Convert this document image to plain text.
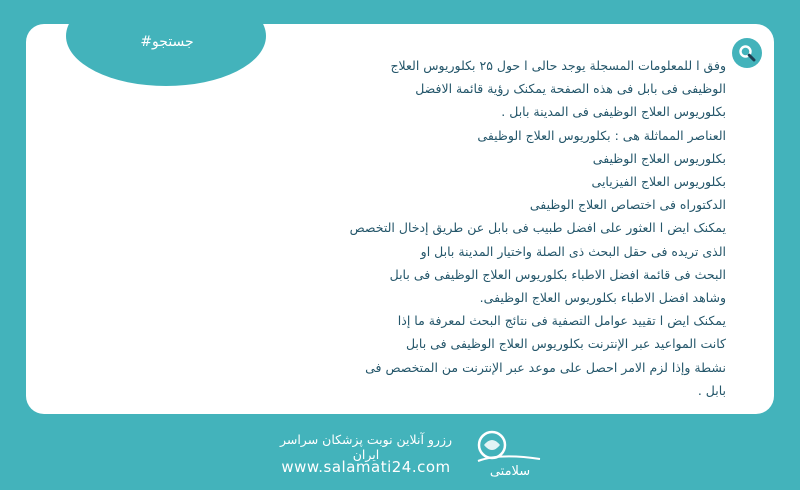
#جستجو
وفق ا للمعلومات المسجلة يوجد حالی ا حول ۲۵ بکلوریوس العلاج
الوظیفی فی بابل فی هذه الصفحة یمکنک رؤیة قائمة الافضل
بکلوریوس العلاج الوظیفی فی المدینة بابل .
العناصر المماثلة هی : بکلوریوس العلاج الوظیفی
بکلوریوس العلاج الوظیفی
بکلوریوس العلاج الفیزیایی
الدکتوراه فی اختصاص العلاج الوظیفی
یمکنک ایض ا العثور علی افضل طبیب فی بابل عن طریق إدخال التخصص
الذی ترید‌ه فی حقل البحث ذی الصلة واختیار المدینة بابل او
البحث فی قائمة افضل الاطباء بکلوریوس العلاج الوظیفی فی بابل
وشاهد افضل الاطباء بکلوریوس العلاج الوظیفی.
یمکنک ایض ا تقیید عوامل التصفیة فی نتائج البحث لمعرفة ما إذا
کانت المواعید عبر الإنترنت بکلوریوس العلاج الوظیفی فی بابل
نشطة وإذا لزم الامر احصل علی موعد عبر الإنترنت من المتخصص فی
بابل .
رزرو آنلاین نوبت پزشکان سراسر ایران
www.salamati24.com	سلامتی
